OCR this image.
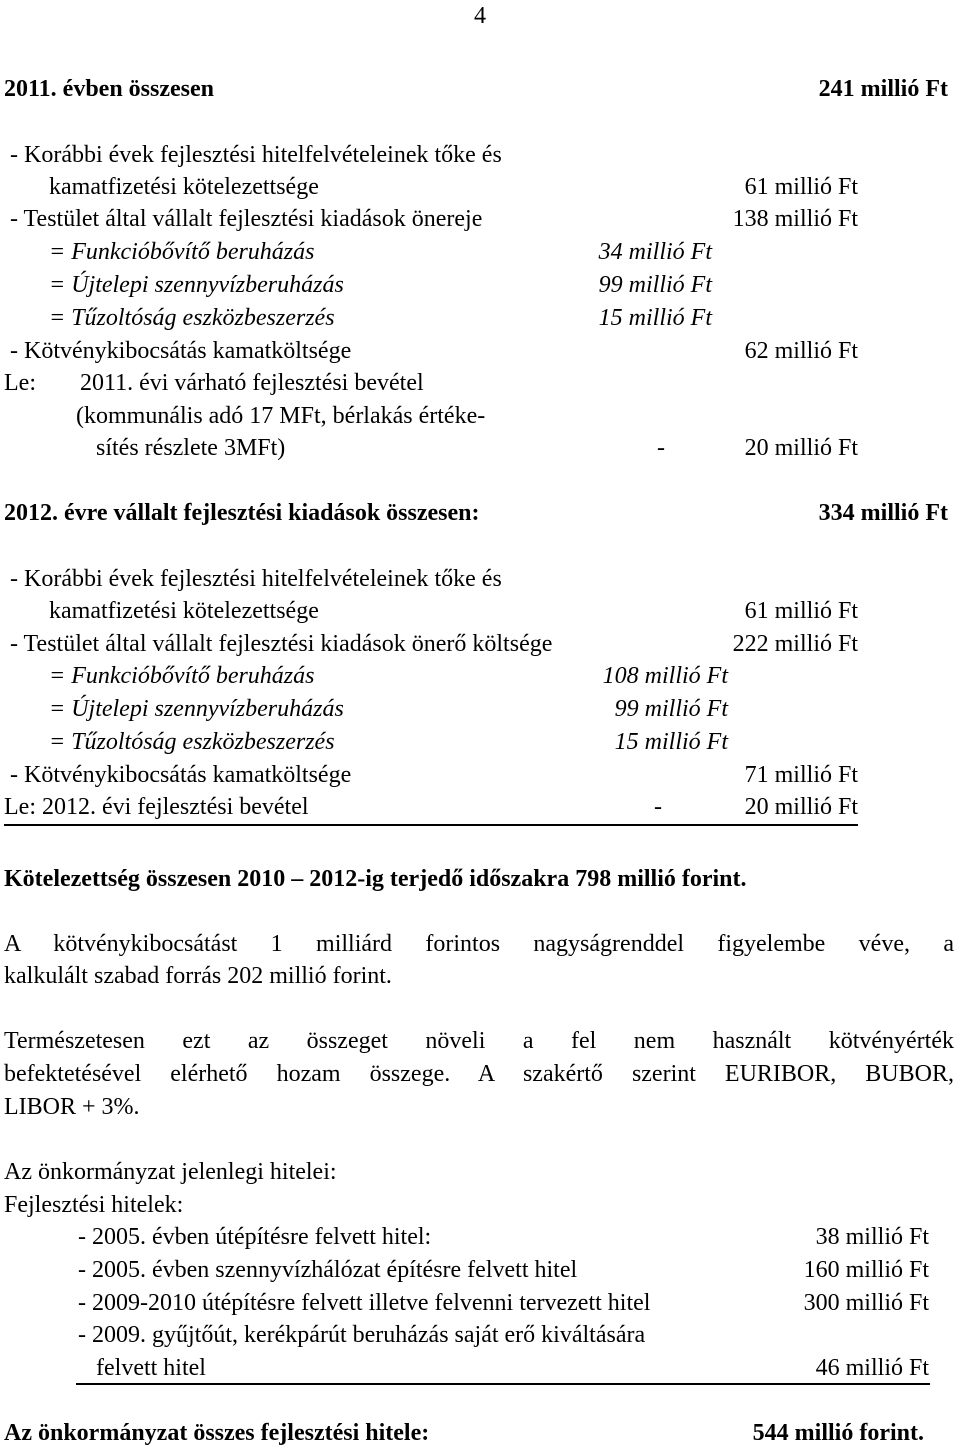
4
2011. évben összesen	241 millió Ft
- Korábbi évek fejlesztési hitelfelvételeinek tőke és
kamatfizetési kötelezettsége	61 millió Ft
- Testület által vállalt fejlesztési kiadások önereje	138 millió Ft
= Funkcióbővítő beruházás	34 millió Ft
= Újtelepi szennyvízberuházás	99 millió Ft
= Tűzoltóság eszközbeszerzés	15 millió Ft
- Kötvénykibocsátás kamatköltsége	62 millió Ft
Le: 2011. évi várható fejlesztési bevétel
(kommunális adó 17 MFt, bérlakás értéke-
sítés részlete 3MFt)	-	20 millió Ft
2012. évre vállalt fejlesztési kiadások összesen:	334 millió Ft
- Korábbi évek fejlesztési hitelfelvételeinek tőke és
kamatfizetési kötelezettsége	61 millió Ft
- Testület által vállalt fejlesztési kiadások önerő költsége	222 millió Ft
= Funkcióbővítő beruházás	108 millió Ft
= Újtelepi szennyvízberuházás	99 millió Ft
= Tűzoltóság eszközbeszerzés	15 millió Ft
- Kötvénykibocsátás kamatköltsége	71 millió Ft
Le: 2012. évi fejlesztési bevétel	-	20 millió Ft
Kötelezettség összesen 2010 – 2012-ig terjedő időszakra 798 millió forint.
A kötvénykibocsátást 1 milliárd forintos nagyságrenddel figyelembe véve, a
kalkulált szabad forrás 202 millió forint.
Természetesen ezt az összeget növeli a fel nem használt kötvényérték
befektetésével elérhető hozam összege. A szakértő szerint EURIBOR, BUBOR,
LIBOR + 3%.
Az önkormányzat jelenlegi hitelei:
Fejlesztési hitelek:
- 2005. évben útépítésre felvett hitel:	38 millió Ft
- 2005. évben szennyvízhálózat építésre felvett hitel	160 millió Ft
- 2009-2010 útépítésre felvett illetve felvenni tervezett hitel	300 millió Ft
- 2009. gyűjtőút, kerékpárút beruházás saját erő kiváltására
felvett hitel	46 millió Ft
Az önkormányzat összes fejlesztési hitele:	544 millió forint.
